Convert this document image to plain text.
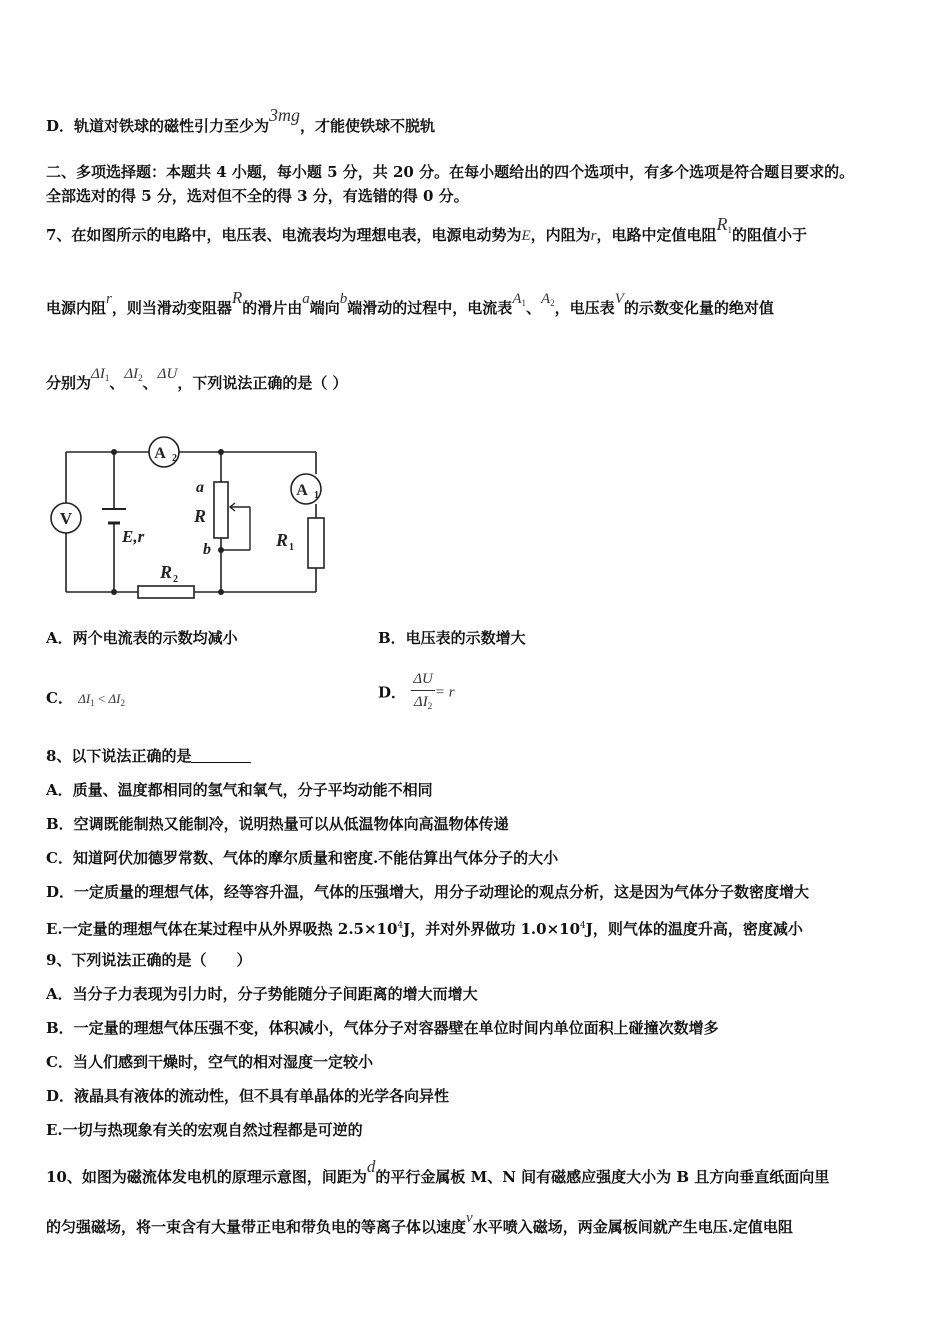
D．轨道对铁球的磁性引力至少为3mg，才能使铁球不脱轨
二、多项选择题：本题共 4 小题，每小题 5 分，共 20 分。在每小题给出的四个选项中，有多个选项是符合题目要求的。
全部选对的得 5 分，选对但不全的得 3 分，有选错的得 0 分。
7、在如图所示的电路中，电压表、电流表均为理想电表，电源电动势为E，内阻为r，电路中定值电阻$R_1$的阻值小于
电源内阻r，则当滑动变阻器R的滑片由a端向b端滑动的过程中，电流表$A_1$、$A_2$，电压表V的示数变化量的绝对值
分别为$\Delta I_1$、$\Delta I_2$、ΔU，下列说法正确的是（ ）
V
E,r
A 2
a
R
b
A 1
R 1
R 2
A．两个电流表的示数均减小	B．电压表的示数增大
C． $\Delta I_1 < \Delta I_2$
D． $\frac{\Delta U}{\Delta I_2} = r$
8、以下说法正确的是
A．质量、温度都相同的氢气和氧气，分子平均动能不相同
B．空调既能制热又能制冷，说明热量可以从低温物体向高温物体传递
C．知道阿伏加德罗常数、气体的摩尔质量和密度.不能估算出气体分子的大小
D．一定质量的理想气体，经等容升温，气体的压强增大，用分子动理论的观点分析，这是因为气体分子数密度增大
E.一定量的理想气体在某过程中从外界吸热 $2.5\times 10^4J$，并对外界做功 $1.0\times 10^4J$，则气体的温度升高，密度减小
9、下列说法正确的是（　　）
A．当分子力表现为引力时，分子势能随分子间距离的增大而增大
B．一定量的理想气体压强不变，体积减小，气体分子对容器壁在单位时间内单位面积上碰撞次数增多
C．当人们感到干燥时，空气的相对湿度一定较小
D．液晶具有液体的流动性，但不具有单晶体的光学各向异性
E.一切与热现象有关的宏观自然过程都是可逆的
10、如图为磁流体发电机的原理示意图，间距为d的平行金属板 M、N 间有磁感应强度大小为 B 且方向垂直纸面向里
的匀强磁场，将一束含有大量带正电和带负电的等离子体以速度v水平喷入磁场，两金属板间就产生电压.定值电阻
